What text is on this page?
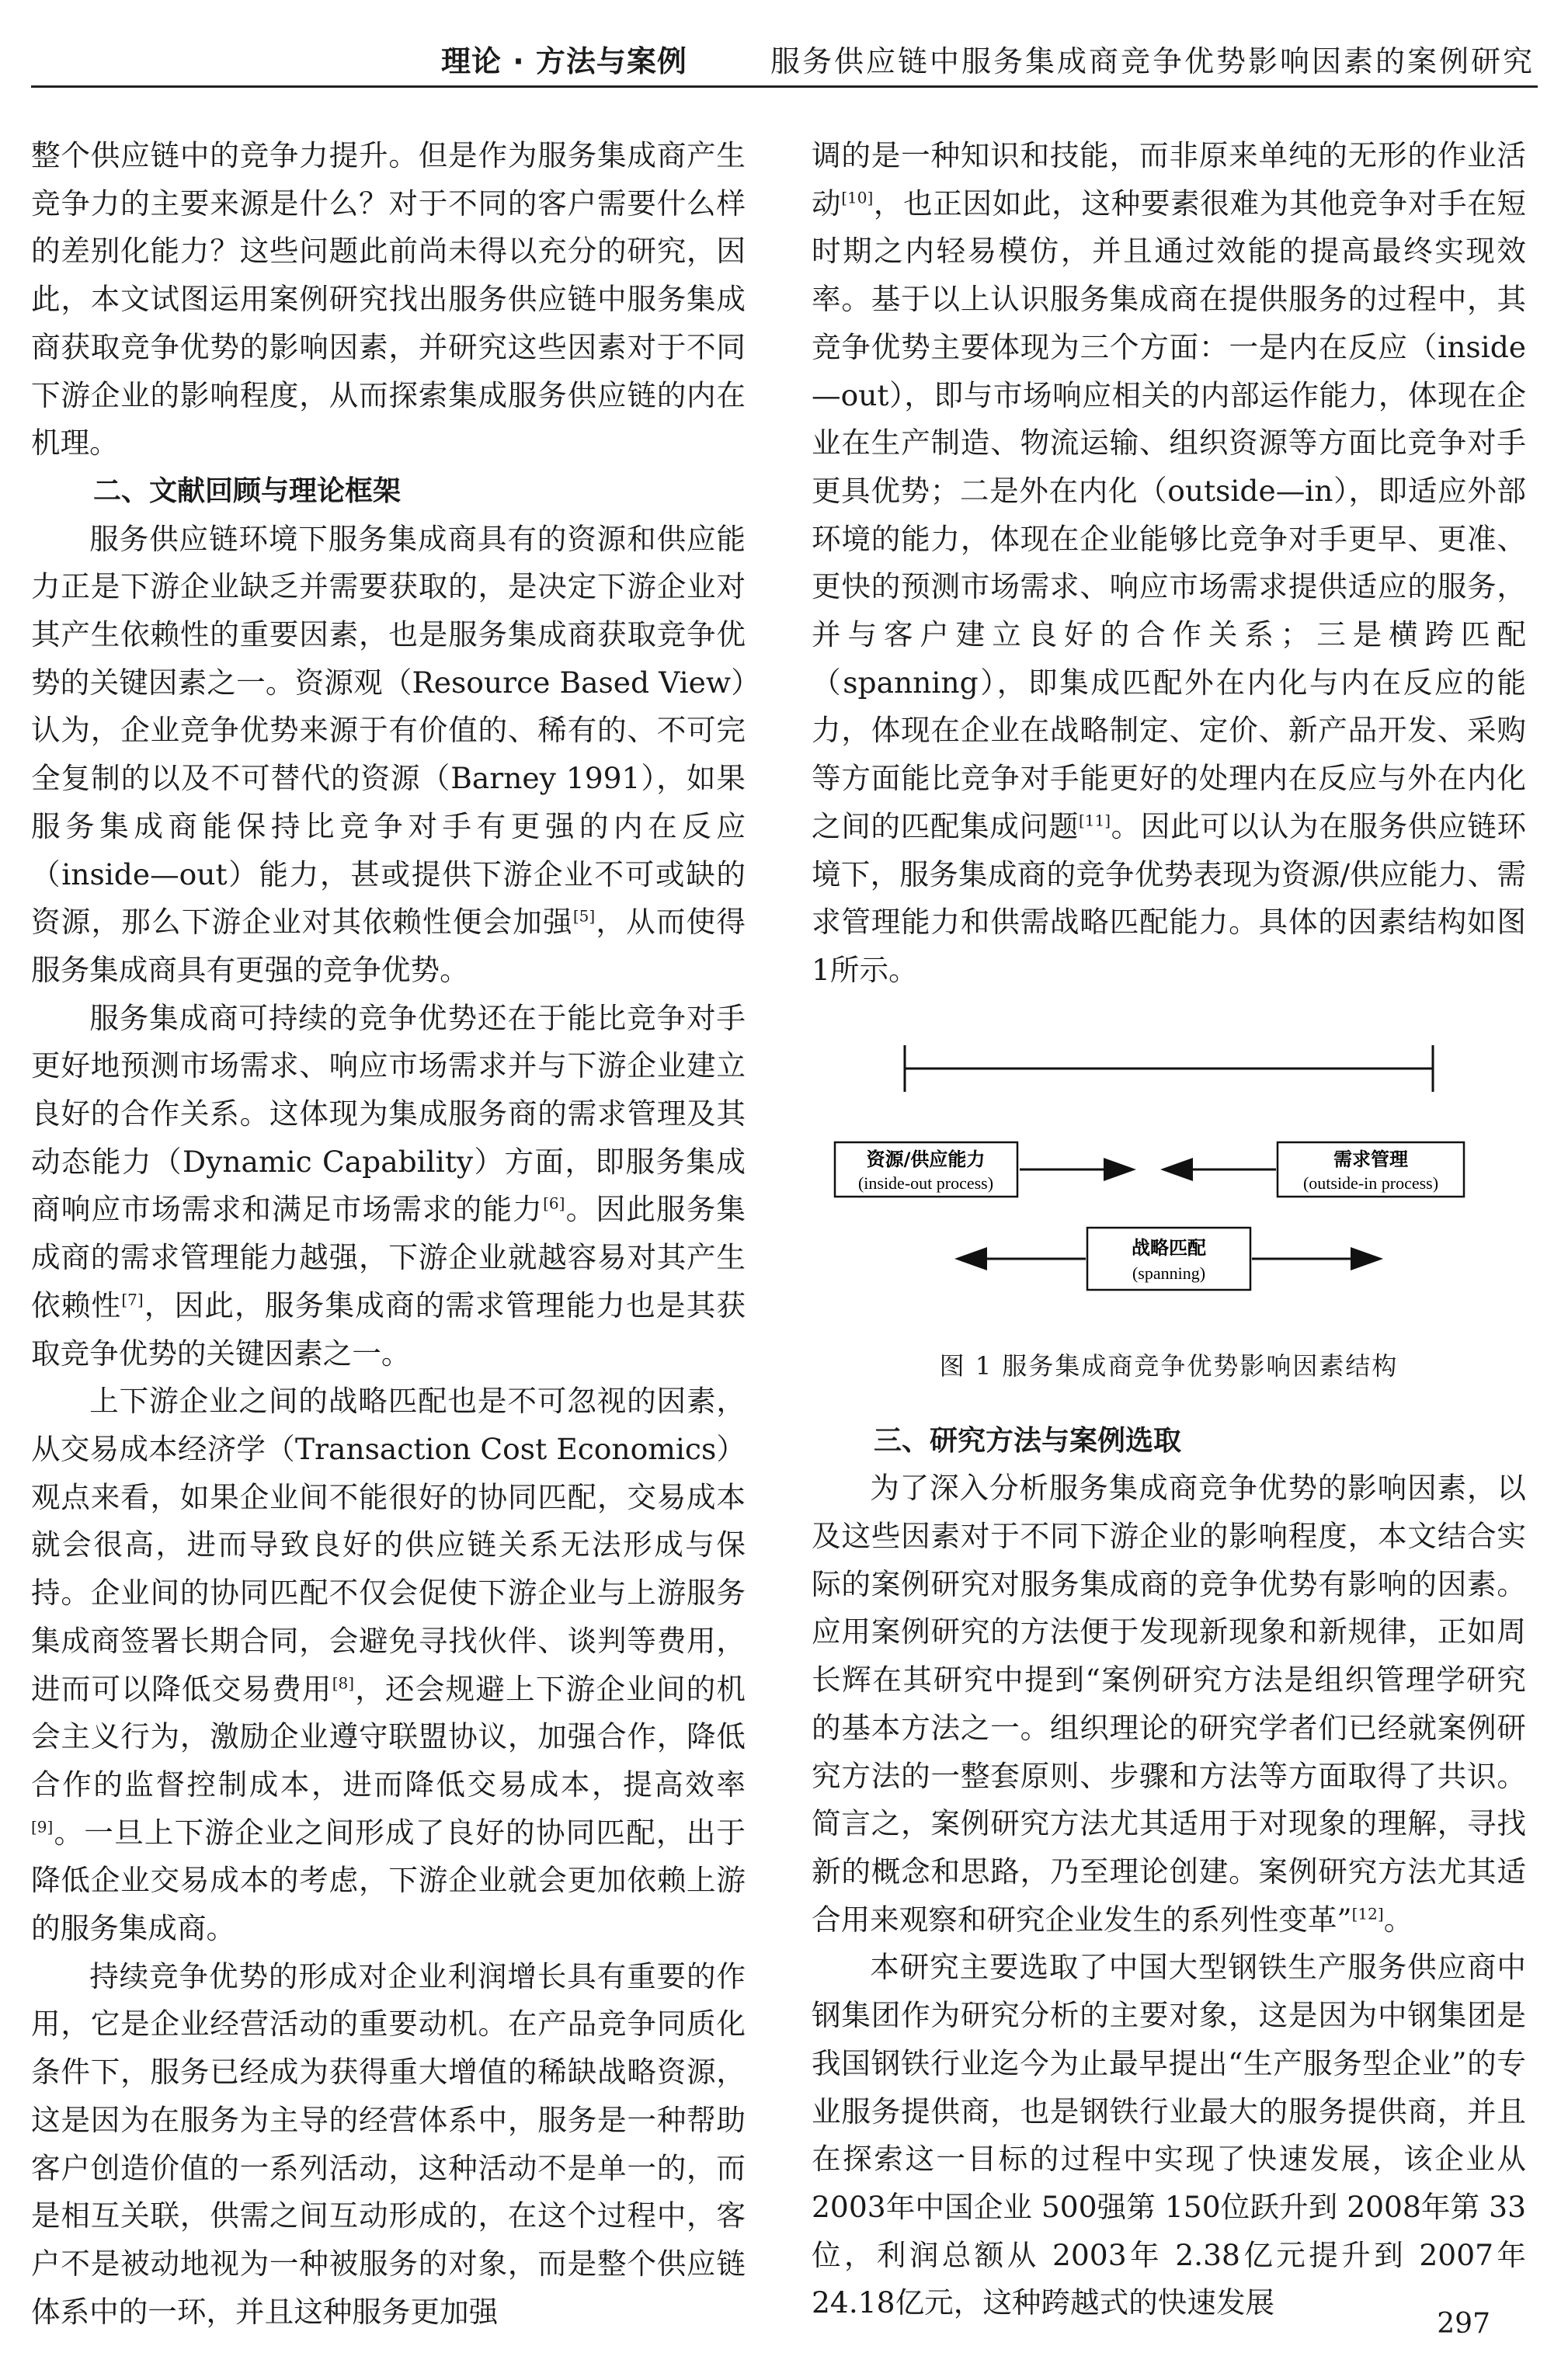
理论 · 方法与案例	服务供应链中服务集成商竞争优势影响因素的案例研究

整个供应链中的竞争力提升。但是作为服务集成商产生竞争力的主要来源是什么？对于不同的客户需要什么样的差别化能力？这些问题此前尚未得以充分的研究，因此，本文试图运用案例研究找出服务供应链中服务集成商获取竞争优势的影响因素，并研究这些因素对于不同下游企业的影响程度，从而探索集成服务供应链的内在机理。

二、文献回顾与理论框架

服务供应链环境下服务集成商具有的资源和供应能力正是下游企业缺乏并需要获取的，是决定下游企业对其产生依赖性的重要因素，也是服务集成商获取竞争优势的关键因素之一。资源观（Resource Based View）认为，企业竞争优势来源于有价值的、稀有的、不可完全复制的以及不可替代的资源（Barney 1991），如果服务集成商能保持比竞争对手有更强的内在反应（inside—out）能力，甚或提供下游企业不可或缺的资源，那么下游企业对其依赖性便会加强[5]，从而使得服务集成商具有更强的竞争优势。

服务集成商可持续的竞争优势还在于能比竞争对手更好地预测市场需求、响应市场需求并与下游企业建立良好的合作关系。这体现为集成服务商的需求管理及其动态能力（Dynamic Capability）方面，即服务集成商响应市场需求和满足市场需求的能力[6]。因此服务集成商的需求管理能力越强，下游企业就越容易对其产生依赖性[7]，因此，服务集成商的需求管理能力也是其获取竞争优势的关键因素之一。

上下游企业之间的战略匹配也是不可忽视的因素，从交易成本经济学（Transaction Cost Economics）观点来看，如果企业间不能很好的协同匹配，交易成本就会很高，进而导致良好的供应链关系无法形成与保持。企业间的协同匹配不仅会促使下游企业与上游服务集成商签署长期合同，会避免寻找伙伴、谈判等费用，进而可以降低交易费用[8]，还会规避上下游企业间的机会主义行为，激励企业遵守联盟协议，加强合作，降低合作的监督控制成本，进而降低交易成本，提高效率[9]。一旦上下游企业之间形成了良好的协同匹配，出于降低企业交易成本的考虑，下游企业就会更加依赖上游的服务集成商。

持续竞争优势的形成对企业利润增长具有重要的作用，它是企业经营活动的重要动机。在产品竞争同质化条件下，服务已经成为获得重大增值的稀缺战略资源，这是因为在服务为主导的经营体系中，服务是一种帮助客户创造价值的一系列活动，这种活动不是单一的，而是相互关联，供需之间互动形成的，在这个过程中，客户不是被动地视为一种被服务的对象，而是整个供应链体系中的一环，并且这种服务更加强

调的是一种知识和技能，而非原来单纯的无形的作业活动[10]，也正因如此，这种要素很难为其他竞争对手在短时期之内轻易模仿，并且通过效能的提高最终实现效率。基于以上认识服务集成商在提供服务的过程中，其竞争优势主要体现为三个方面：一是内在反应（inside—out），即与市场响应相关的内部运作能力，体现在企业在生产制造、物流运输、组织资源等方面比竞争对手更具优势；二是外在内化（outside—in），即适应外部环境的能力，体现在企业能够比竞争对手更早、更准、更快的预测市场需求、响应市场需求提供适应的服务，并与客户建立良好的合作关系；三是横跨匹配（spanning），即集成匹配外在内化与内在反应的能力，体现在企业在战略制定、定价、新产品开发、采购等方面能比竞争对手能更好的处理内在反应与外在内化之间的匹配集成问题[11]。因此可以认为在服务供应链环境下，服务集成商的竞争优势表现为资源/供应能力、需求管理能力和供需战略匹配能力。具体的因素结构如图 1所示。

资源/供应能力
(inside-out process)
需求管理
(outside-in process)
战略匹配
(spanning)
图 1 服务集成商竞争优势影响因素结构
三、研究方法与案例选取

为了深入分析服务集成商竞争优势的影响因素，以及这些因素对于不同下游企业的影响程度，本文结合实际的案例研究对服务集成商的竞争优势有影响的因素。应用案例研究的方法便于发现新现象和新规律，正如周长辉在其研究中提到“案例研究方法是组织管理学研究的基本方法之一。组织理论的研究学者们已经就案例研究方法的一整套原则、步骤和方法等方面取得了共识。简言之，案例研究方法尤其适用于对现象的理解，寻找新的概念和思路，乃至理论创建。案例研究方法尤其适合用来观察和研究企业发生的系列性变革”[12]。

本研究主要选取了中国大型钢铁生产服务供应商中钢集团作为研究分析的主要对象，这是因为中钢集团是我国钢铁行业迄今为止最早提出“生产服务型企业”的专业服务提供商，也是钢铁行业最大的服务提供商，并且在探索这一目标的过程中实现了快速发展，该企业从 2003年中国企业 500强第 150位跃升到 2008年第 33位，利润总额从 2003年 2.38亿元提升到 2007年 24.18亿元，这种跨越式的快速发展

297
